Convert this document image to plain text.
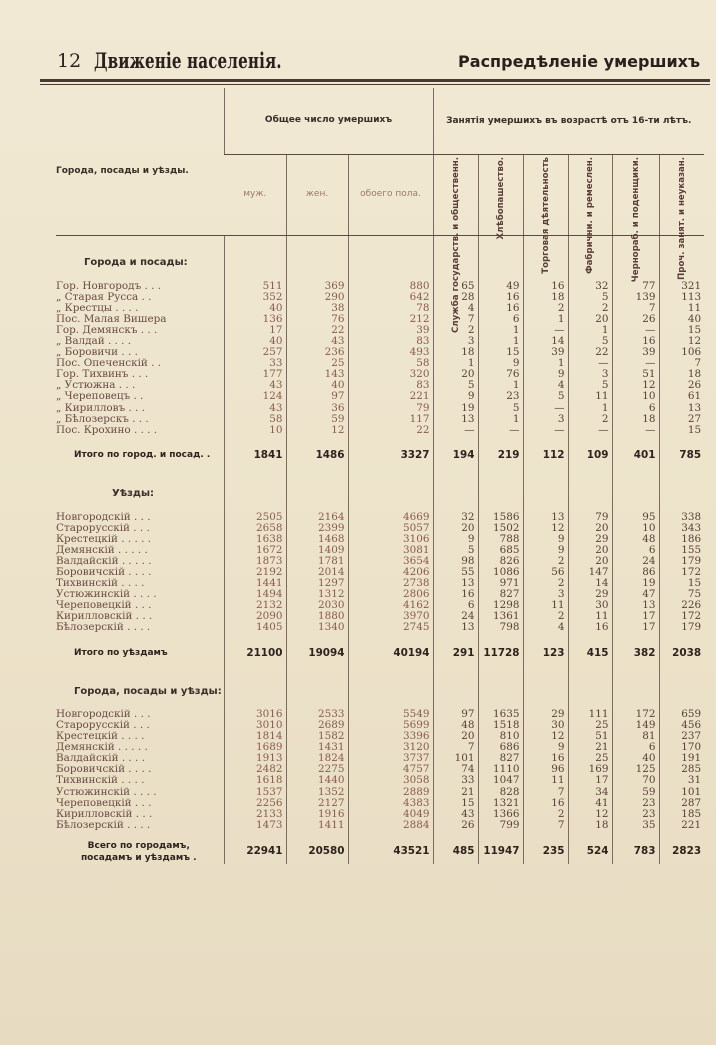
12 Движеніе населенія.	Распредѣленіе умершихъ
Города, посады и уѣзды.	Общее число умершихъ			Занятія умершихъ въ возрастѣ отъ 16-ти лѣтъ.					
	муж.	жен.	обоего пола.	Служба государств. и общественн.	Хлѣбопашество.	Торговая дѣятельность	Фабрични. и ремеслен.	Чернораб. и поденщики.	Проч. занят. и неуказан.

Города и посады:									

Гор. Новгородъ . . .	511	369	880	65	49	16	32	77	321
„ Старая Русса . .	352	290	642	28	16	18	5	139	113
„ Крестцы . . . .	40	38	78	4	16	2	2	7	11
Пос. Малая Вишера	136	76	212	7	6	1	20	26	40
Гор. Демянскъ . . .	17	22	39	2	1	—	1	—	15
„ Валдай . . . .	40	43	83	3	1	14	5	16	12
„ Боровичи . . .	257	236	493	18	15	39	22	39	106
Пос. Опеченскій . .	33	25	58	1	9	1	—	—	7
Гор. Тихвинъ . . .	177	143	320	20	76	9	3	51	18
„ Устюжна . . .	43	40	83	5	1	4	5	12	26
„ Череповецъ . .	124	97	221	9	23	5	11	10	61
„ Кирилловъ . . .	43	36	79	19	5	—	1	6	13
„ Бѣлозерскъ . . .	58	59	117	13	1	3	2	18	27
Пос. Крохино . . . .	10	12	22	—	—	—	—	—	15

Итого по город. и посад. .	1841	1486	3327	194	219	112	109	401	785

Уѣзды:									

Новгородскій . . .	2505	2164	4669	32	1586	13	79	95	338
Старорусскій . . .	2658	2399	5057	20	1502	12	20	10	343
Крестецкій . . . . .	1638	1468	3106	9	788	9	29	48	186
Демянскій . . . . .	1672	1409	3081	5	685	9	20	6	155
Валдайскій . . . . .	1873	1781	3654	98	826	2	20	24	179
Боровичскій . . . .	2192	2014	4206	55	1086	56	147	86	172
Тихвинскій . . . .	1441	1297	2738	13	971	2	14	19	15
Устюжинскій . . . .	1494	1312	2806	16	827	3	29	47	75
Череповецкій . . .	2132	2030	4162	6	1298	11	30	13	226
Кирилловскій . . .	2090	1880	3970	24	1361	2	11	17	172
Бѣлозерскій . . . .	1405	1340	2745	13	798	4	16	17	179

Итого по уѣздамъ	21100	19094	40194	291	11728	123	415	382	2038

Города, посады и уѣзды:									

Новгородскій . . .	3016	2533	5549	97	1635	29	111	172	659
Старорусскій . . .	3010	2689	5699	48	1518	30	25	149	456
Крестецкій . . . .	1814	1582	3396	20	810	12	51	81	237
Демянскій . . . . .	1689	1431	3120	7	686	9	21	6	170
Валдайскій . . . .	1913	1824	3737	101	827	16	25	40	191
Боровичскій . . . .	2482	2275	4757	74	1110	96	169	125	285
Тихвинскій . . . .	1618	1440	3058	33	1047	11	17	70	31
Устюжинскій . . . .	1537	1352	2889	21	828	7	34	59	101
Череповецкій . . .	2256	2127	4383	15	1321	16	41	23	287
Кирилловскій . . .	2133	1916	4049	43	1366	2	12	23	185
Бѣлозерскій . . . .	1473	1411	2884	26	799	7	18	35	221

Всего по городамъ, посадамъ и уѣздамъ .	22941	20580	43521	485	11947	235	524	783	2823
